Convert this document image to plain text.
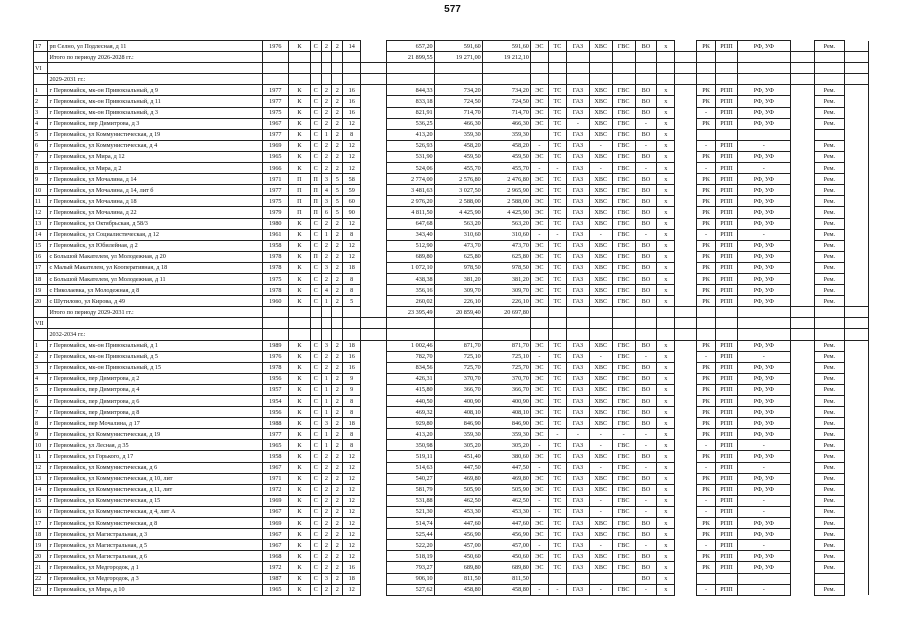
577
17	рп Селно, ул Подлесная, д 11	1976	К	С	2	2	14		657,20	591,60	591,60	ЭС	ТС	ГАЗ	ХВС	ГВС	ВО	х		РК	РПП	РФ, УФ		Рем.	
	Итого по периоду 2026-2028 гг.:								21 899,55	19 271,00	19 212,10														
VI																									
	2029-2031 гг.:																								
1	г Первомайск, мк-он Привокзальный, д 9	1977	К	С	2	2	16		844,33	734,20	734,20	ЭС	ТС	ГАЗ	ХВС	ГВС	ВО	х		РК	РПП	РФ, УФ		Рем.	
2	г Первомайск, мк-он Привокзальный, д 11	1977	К	С	2	2	16		833,18	724,50	724,50	ЭС	ТС	ГАЗ	ХВС	ГВС	ВО	х		РК	РПП	РФ, УФ		Рем.	
3	г Первомайск, мк-он Привокзальный, д 3	1975	К	С	2	2	16		821,91	714,70	714,70	ЭС	ТС	ГАЗ	ХВС	ГВС	ВО	х		-	РПП	РФ, УФ		Рем.	
4	г Первомайск, пер Димитрова, д 3	1967	К	С	2	2	12		536,25	466,30	466,30	ЭС	ТС	-	ХВС	ГВС	-	х		РК	РПП	РФ, УФ		Рем.	
5	г Первомайск, ул Коммунистическая, д 19	1977	К	С	1	2	8		413,20	359,30	359,30		ТС	ГАЗ	ХВС	ГВС	ВО	х							
6	г Первомайск, ул Коммунистическая, д 4	1969	К	С	2	2	12		526,93	458,20	458,20	-	ТС	ГАЗ	-	ГВС	-	х		-	РПП	-		Рем.	
7	г Первомайск, ул Мира, д 12	1965	К	С	2	2	12		531,90	459,50	459,50	ЭС	ТС	ГАЗ	ХВС	ГВС	ВО	х		РК	РПП	РФ, УФ		Рем.	
8	г Первомайск, ул Мира, д 2	1966	К	С	2	2	12		524,06	455,70	455,70	-	-	ГАЗ	-	ГВС	-	х		-	РПП	-		Рем.	
9	г Первомайск, ул Мочалина, д 14	1971	П	П	3	5	58		2 774,00	2 576,80	2 476,80	ЭС	ТС	ГАЗ	ХВС	ГВС	ВО	х		РК	РПП	РФ, УФ		Рем.	
10	г Первомайск, ул Мочалина, д 14, лит б	1977	П	П	4	5	59		3 481,63	3 027,50	2 965,90	ЭС	ТС	ГАЗ	ХВС	ГВС	ВО	х		РК	РПП	РФ, УФ		Рем.	
11	г Первомайск, ул Мочалина, д 18	1975	П	П	3	5	60		2 976,20	2 588,00	2 588,00	ЭС	ТС	ГАЗ	ХВС	ГВС	ВО	х		РК	РПП	РФ, УФ		Рем.	
12	г Первомайск, ул Мочалина, д 22	1979	П	П	6	5	90		4 811,50	4 425,90	4 425,90	ЭС	ТС	ГАЗ	ХВС	ГВС	ВО	х		РК	РПП	РФ, УФ		Рем.	
13	г Первомайск, ул Октябрьская, д 58/3	1980	К	С	2	2	12		647,68	563,20	563,20	ЭС	ТС	ГАЗ	ХВС	ГВС	ВО	х		РК	РПП	РФ, УФ		Рем.	
14	г Первомайск, ул Социалистическая, д 12	1961	К	С	1	2	8		343,40	310,60	310,60	-	-	ГАЗ	-	ГВС	-	х		-	РПП	-		Рем.	
15	г Первомайск, ул Юбилейная, д 2	1958	К	С	2	2	12		512,90	473,70	473,70	ЭС	ТС	ГАЗ	ХВС	ГВС	ВО	х		РК	РПП	РФ, УФ		Рем.	
16	с Большой Макателем, ул Молодежная, д 20	1978	К	П	2	2	12		689,80	625,80	625,80	ЭС	ТС	ГАЗ	ХВС	ГВС	ВО	х		РК	РПП	РФ, УФ		Рем.	
17	с Малый Макателем, ул Кооперативная, д 18	1978	К	С	3	2	18		1 072,10	978,50	978,50	ЭС	ТС	ГАЗ	ХВС	ГВС	ВО	х		РК	РПП	РФ, УФ		Рем.	
18	с Большой Макателем, ул Молодежная, д 11	1975	К	С	2	2	8		438,38	381,20	381,20	ЭС	ТС	ГАЗ	ХВС	ГВС	ВО	х		РК	РПП	РФ, УФ		Рем.	
19	с Николаевка, ул Молодежная, д 8	1978	К	С	4	2	8		356,16	309,70	309,70	ЭС	ТС	ГАЗ	ХВС	ГВС	ВО	х		РК	РПП	РФ, УФ		Рем.	
20	с Шутилово, ул Кирова, д 49	1960	К	С	1	2	5		260,02	226,10	226,10	ЭС	ТС	ГАЗ	ХВС	ГВС	ВО	х		РК	РПП	РФ, УФ		Рем.	
	Итого по периоду 2029-2031 гг.:								23 395,49	20 859,40	20 697,80														
VII																									
	2032-2034 гг.:																								
1	г Первомайск, мк-он Привокзальный, д 1	1989	К	С	3	2	18		1 002,46	871,70	871,70	ЭС	ТС	ГАЗ	ХВС	ГВС	ВО	х		РК	РПП	РФ, УФ		Рем.	
2	г Первомайск, мк-он Привокзальный, д 5	1976	К	С	2	2	16		782,70	725,10	725,10	-	ТС	ГАЗ	-	ГВС	-	х		-	РПП	-		Рем.	
3	г Первомайск, мк-он Привокзальный, д 15	1978	К	С	2	2	16		834,56	725,70	725,70	ЭС	ТС	ГАЗ	ХВС	ГВС	ВО	х		РК	РПП	РФ, УФ		Рем.	
4	г Первомайск, пер Димитрова, д 2	1956	К	С	1	2	9		426,31	370,70	370,70	ЭС	ТС	ГАЗ	ХВС	ГВС	ВО	х		РК	РПП	РФ, УФ		Рем.	
5	г Первомайск, пер Димитрова, д 4	1957	К	С	1	2	9		415,80	366,70	366,70	ЭС	ТС	ГАЗ	ХВС	ГВС	ВО	х		РК	РПП	РФ, УФ		Рем.	
6	г Первомайск, пер Димитрова, д 6	1954	К	С	1	2	8		440,50	400,90	400,90	ЭС	ТС	ГАЗ	ХВС	ГВС	ВО	х		РК	РПП	РФ, УФ		Рем.	
7	г Первомайск, пер Димитрова, д 8	1956	К	С	1	2	8		469,32	408,10	408,10	ЭС	ТС	ГАЗ	ХВС	ГВС	ВО	х		РК	РПП	РФ, УФ		Рем.	
8	г Первомайск, пер Мочалина, д 17	1988	К	С	3	2	18		929,80	846,90	846,90	ЭС	ТС	ГАЗ	ХВС	ГВС	ВО	х		РК	РПП	РФ, УФ		Рем.	
9	г Первомайск, ул Коммунистическая, д 19	1977	К	С	1	2	8		413,20	359,30	359,30	ЭС	-	-	-	-	-	х		РК	РПП	РФ, УФ		Рем.	
10	г Первомайск, ул Лесная, д 35	1965	К	С	1	2	8		350,98	305,20	305,20	-	ТС	ГАЗ	-	ГВС	-	х		-	РПП	-		Рем.	
11	г Первомайск, ул Горького, д 17	1958	К	С	2	2	12		519,11	451,40	380,60	ЭС	ТС	ГАЗ	ХВС	ГВС	ВО	х		РК	РПП	РФ, УФ		Рем.	
12	г Первомайск, ул Коммунистическая, д 6	1967	К	С	2	2	12		514,63	447,50	447,50	-	ТС	ГАЗ	-	ГВС	-	х		-	РПП	-		Рем.	
13	г Первомайск, ул Коммунистическая, д 10, лит	1971	К	С	2	2	12		540,27	469,80	469,80	ЭС	ТС	ГАЗ	ХВС	ГВС	ВО	х		РК	РПП	РФ, УФ		Рем.	
14	г Первомайск, ул Коммунистическая, д 11, лит	1972	К	С	2	2	12		581,79	505,90	505,90	ЭС	ТС	ГАЗ	ХВС	ГВС	ВО	х		РК	РПП	РФ, УФ		Рем.	
15	г Первомайск, ул Коммунистическая, д 15	1969	К	С	2	2	12		531,88	462,50	462,50	-	ТС	ГАЗ	-	ГВС	-	х		-	РПП	-		Рем.	
16	г Первомайск, ул Коммунистическая, д 4, лит А	1967	К	С	2	2	12		521,30	453,30	453,30	-	ТС	ГАЗ	-	ГВС	-	х		-	РПП	-		Рем.	
17	г Первомайск, ул Коммунистическая, д 8	1969	К	С	2	2	12		514,74	447,60	447,60	ЭС	ТС	ГАЗ	ХВС	ГВС	ВО	х		РК	РПП	РФ, УФ		Рем.	
18	г Первомайск, ул Магистральная, д 3	1967	К	С	2	2	12		525,44	456,90	456,90	ЭС	ТС	ГАЗ	ХВС	ГВС	ВО	х		РК	РПП	РФ, УФ		Рем.	
19	г Первомайск, ул Магистральная, д 5	1967	К	С	2	2	12		522,20	457,00	457,00	-	ТС	ГАЗ	-	ГВС	-	х		-	РПП	-		Рем.	
20	г Первомайск, ул Магистральная, д 6	1968	К	С	2	2	12		518,19	450,60	450,60	ЭС	ТС	ГАЗ	ХВС	ГВС	ВО	х		РК	РПП	РФ, УФ		Рем.	
21	г Первомайск, ул Медгородок, д 1	1972	К	С	2	2	16		793,27	689,80	689,80	ЭС	ТС	ГАЗ	ХВС	ГВС	ВО	х		РК	РПП	РФ, УФ		Рем.	
22	г Первомайск, ул Медгородок, д 3	1987	К	С	3	2	18		906,10	811,50	811,50						ВО	х							
23	г Первомайск, ул Мира, д 10	1965	К	С	2	2	12		527,62	458,80	458,80	-	-	ГАЗ	-	ГВС	-	х		-	РПП	-		Рем.	
